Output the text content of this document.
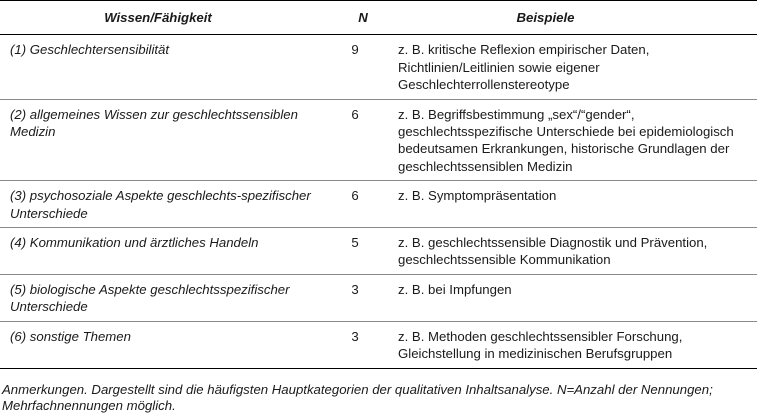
Wissen/Fähigkeit	N	Beispiele
(1) Geschlechtersensibilität	9	z. B. kritische Reflexion empirischer Daten, Richtlinien/Leitlinien sowie eigener Geschlechterrollenstereotype
(2) allgemeines Wissen zur geschlechtssensiblen Medizin	6	z. B. Begriffsbestimmung „sex“/“gender“, geschlechtsspezifische Unterschiede bei epidemiologisch bedeutsamen Erkrankungen, historische Grundlagen der geschlechtssensiblen Medizin
(3) psychosoziale Aspekte geschlechts-spezifischer Unterschiede	6	z. B. Symptompräsentation
(4) Kommunikation und ärztliches Handeln	5	z. B. geschlechtssensible Diagnostik und Prävention, geschlechtssensible Kommunikation
(5) biologische Aspekte geschlechtsspezifischer Unterschiede	3	z. B. bei Impfungen
(6) sonstige Themen	3	z. B. Methoden geschlechtssensibler Forschung, Gleichstellung in medizinischen Berufsgruppen
Anmerkungen. Dargestellt sind die häufigsten Hauptkategorien der qualitativen Inhaltsanalyse. N=Anzahl der Nennungen; Mehrfachnennungen möglich.
